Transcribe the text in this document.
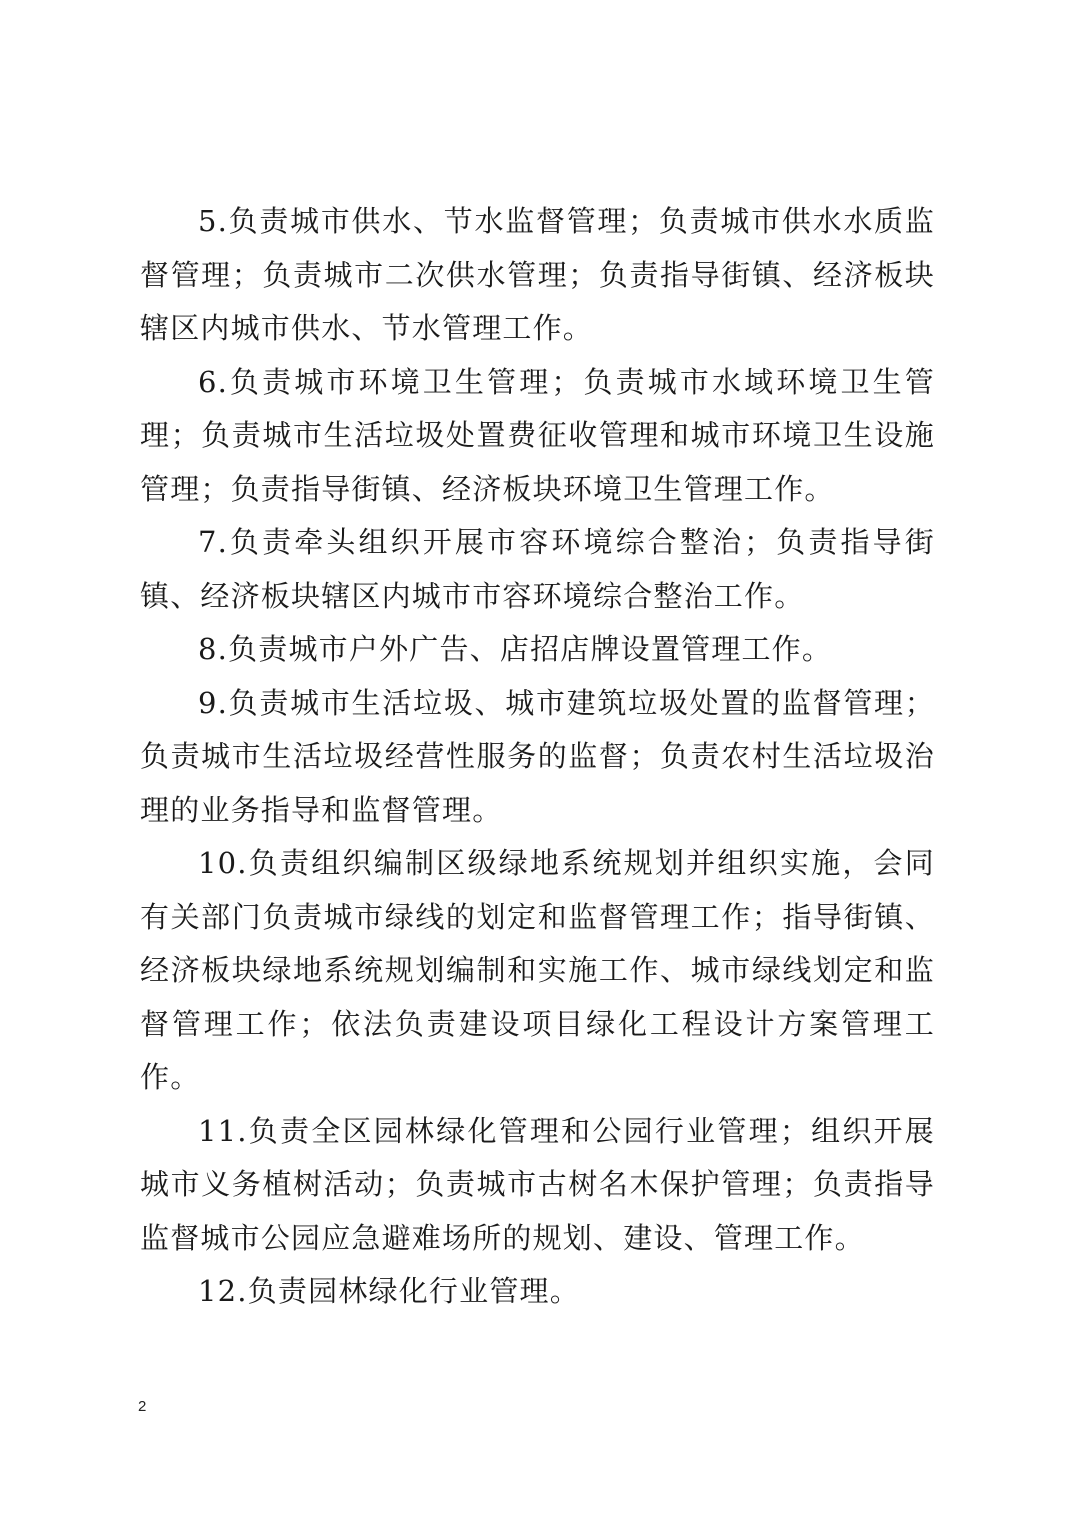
5.负责城市供水、节水监督管理；负责城市供水水质监督管理；负责城市二次供水管理；负责指导街镇、经济板块辖区内城市供水、节水管理工作。

6.负责城市环境卫生管理；负责城市水域环境卫生管理；负责城市生活垃圾处置费征收管理和城市环境卫生设施管理；负责指导街镇、经济板块环境卫生管理工作。

7.负责牵头组织开展市容环境综合整治；负责指导街镇、经济板块辖区内城市市容环境综合整治工作。

8.负责城市户外广告、店招店牌设置管理工作。

9.负责城市生活垃圾、城市建筑垃圾处置的监督管理；负责城市生活垃圾经营性服务的监督；负责农村生活垃圾治理的业务指导和监督管理。

10.负责组织编制区级绿地系统规划并组织实施，会同有关部门负责城市绿线的划定和监督管理工作；指导街镇、经济板块绿地系统规划编制和实施工作、城市绿线划定和监督管理工作；依法负责建设项目绿化工程设计方案管理工作。

11.负责全区园林绿化管理和公园行业管理；组织开展城市义务植树活动；负责城市古树名木保护管理；负责指导监督城市公园应急避难场所的规划、建设、管理工作。

12.负责园林绿化行业管理。

2
